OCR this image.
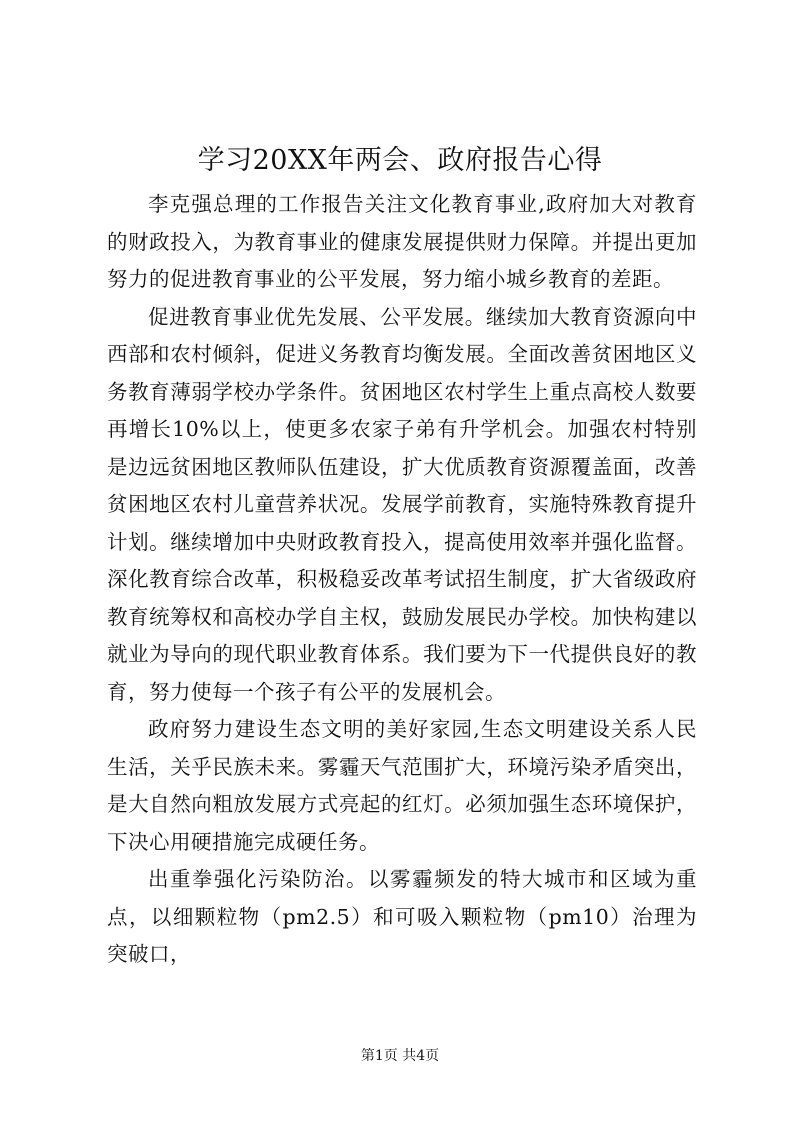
学习20XX年两会、政府报告心得

李克强总理的工作报告关注文化教育事业,政府加大对教育的财政投入，为教育事业的健康发展提供财力保障。并提出更加努力的促进教育事业的公平发展，努力缩小城乡教育的差距。

促进教育事业优先发展、公平发展。继续加大教育资源向中西部和农村倾斜，促进义务教育均衡发展。全面改善贫困地区义务教育薄弱学校办学条件。贫困地区农村学生上重点高校人数要再增长10%以上，使更多农家子弟有升学机会。加强农村特别是边远贫困地区教师队伍建设，扩大优质教育资源覆盖面，改善贫困地区农村儿童营养状况。发展学前教育，实施特殊教育提升计划。继续增加中央财政教育投入，提高使用效率并强化监督。深化教育综合改革，积极稳妥改革考试招生制度，扩大省级政府教育统筹权和高校办学自主权，鼓励发展民办学校。加快构建以就业为导向的现代职业教育体系。我们要为下一代提供良好的教育，努力使每一个孩子有公平的发展机会。

政府努力建设生态文明的美好家园,生态文明建设关系人民生活，关乎民族未来。雾霾天气范围扩大，环境污染矛盾突出，是大自然向粗放发展方式亮起的红灯。必须加强生态环境保护，下决心用硬措施完成硬任务。

出重拳强化污染防治。以雾霾频发的特大城市和区域为重点，以细颗粒物（pm2.5）和可吸入颗粒物（pm10）治理为突破口，

第1页 共4页
